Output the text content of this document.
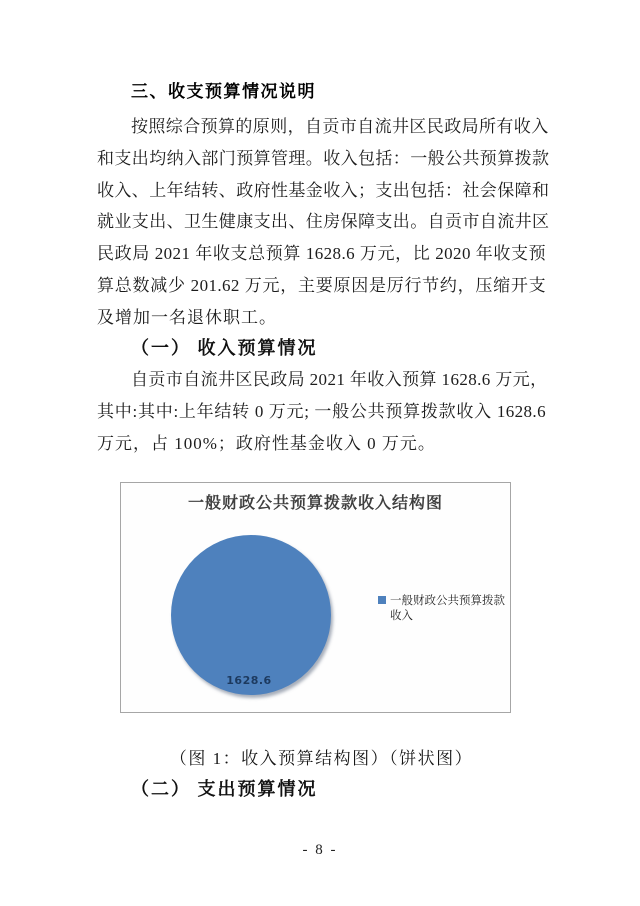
三、收支预算情况说明
按照综合预算的原则，自贡市自流井区民政局所有收入
和支出均纳入部门预算管理。收入包括：一般公共预算拨款
收入、上年结转、政府性基金收入；支出包括：社会保障和
就业支出、卫生健康支出、住房保障支出。自贡市自流井区
民政局 2021 年收支总预算 1628.6 万元，比 2020 年收支预
算总数减少 201.62 万元，主要原因是厉行节约，压缩开支
及增加一名退休职工。
（一） 收入预算情况
自贡市自流井区民政局 2021 年收入预算 1628.6 万元，
其中:其中:上年结转 0 万元; 一般公共预算拨款收入 1628.6
万元，占 100%；政府性基金收入 0 万元。
一般财政公共预算拨款收入结构图
1628.6
一般财政公共预算拨款收入
（图 1：收入预算结构图）（饼状图）
（二） 支出预算情况
- 8 -
